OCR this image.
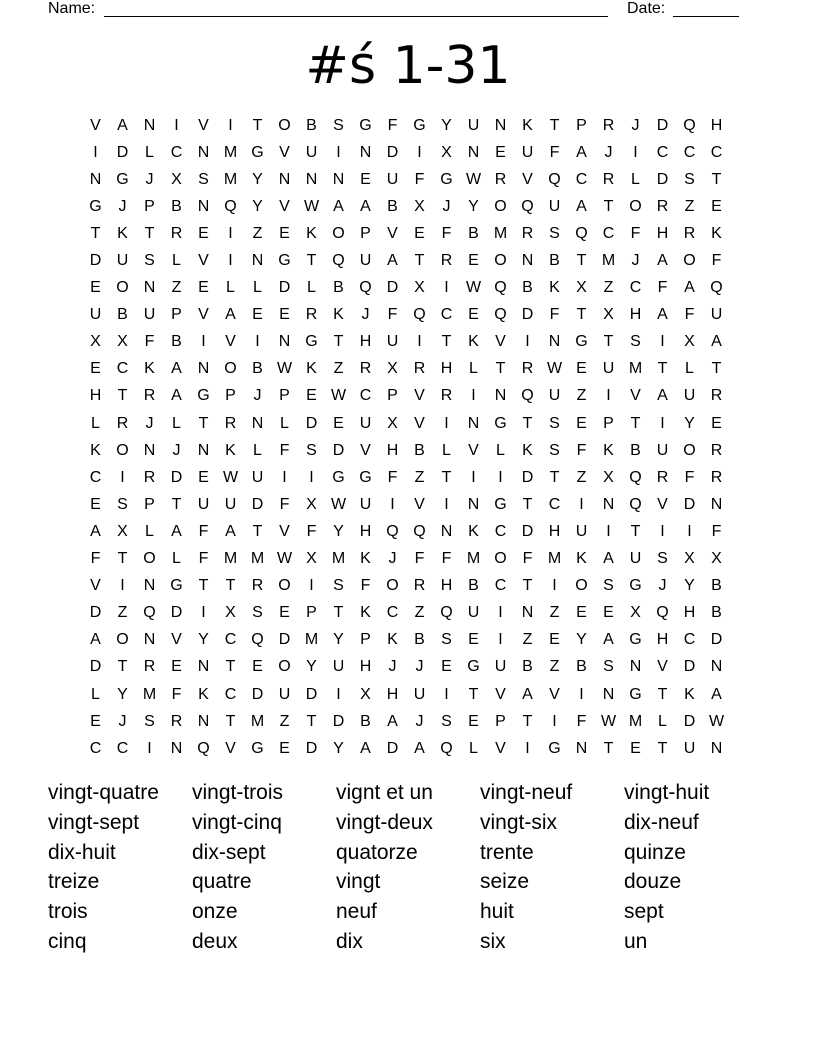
Name:	Date:
#ś 1-31
V	A	N	I	V	I	T	O	B	S	G	F	G	Y	U	N	K	T	P	R	J	D	Q	H
I	D	L	C	N	M	G	V	U	I	N	D	I	X	N	E	U	F	A	J	I	C	C	C
N	G	J	X	S	M	Y	N	N	N	E	U	F	G	W	R	V	Q	C	R	L	D	S	T
G	J	P	B	N	Q	Y	V	W	A	A	B	X	J	Y	O	Q	U	A	T	O	R	Z	E
T	K	T	R	E	I	Z	E	K	O	P	V	E	F	B	M	R	S	Q	C	F	H	R	K
D	U	S	L	V	I	N	G	T	Q	U	A	T	R	E	O	N	B	T	M	J	A	O	F
E	O	N	Z	E	L	L	D	L	B	Q	D	X	I	W	Q	B	K	X	Z	C	F	A	Q
U	B	U	P	V	A	E	E	R	K	J	F	Q	C	E	Q	D	F	T	X	H	A	F	U
X	X	F	B	I	V	I	N	G	T	H	U	I	T	K	V	I	N	G	T	S	I	X	A
E	C	K	A	N	O	B	W	K	Z	R	X	R	H	L	T	R	W	E	U	M	T	L	T
H	T	R	A	G	P	J	P	E	W	C	P	V	R	I	N	Q	U	Z	I	V	A	U	R
L	R	J	L	T	R	N	L	D	E	U	X	V	I	N	G	T	S	E	P	T	I	Y	E
K	O	N	J	N	K	L	F	S	D	V	H	B	L	V	L	K	S	F	K	B	U	O	R
C	I	R	D	E	W	U	I	I	G	G	F	Z	T	I	I	D	T	Z	X	Q	R	F	R
E	S	P	T	U	U	D	F	X	W	U	I	V	I	N	G	T	C	I	N	Q	V	D	N
A	X	L	A	F	A	T	V	F	Y	H	Q	Q	N	K	C	D	H	U	I	T	I	I	F
F	T	O	L	F	M	M	W	X	M	K	J	F	F	M	O	F	M	K	A	U	S	X	X
V	I	N	G	T	T	R	O	I	S	F	O	R	H	B	C	T	I	O	S	G	J	Y	B
D	Z	Q	D	I	X	S	E	P	T	K	C	Z	Q	U	I	N	Z	E	E	X	Q	H	B
A	O	N	V	Y	C	Q	D	M	Y	P	K	B	S	E	I	Z	E	Y	A	G	H	C	D
D	T	R	E	N	T	E	O	Y	U	H	J	J	E	G	U	B	Z	B	S	N	V	D	N
L	Y	M	F	K	C	D	U	D	I	X	H	U	I	T	V	A	V	I	N	G	T	K	A
E	J	S	R	N	T	M	Z	T	D	B	A	J	S	E	P	T	I	F	W	M	L	D	W
C	C	I	N	Q	V	G	E	D	Y	A	D	A	Q	L	V	I	G	N	T	E	T	U	N
vingt-quatre	vingt-trois	vignt et un	vingt-neuf	vingt-huit
vingt-sept	vingt-cinq	vingt-deux	vingt-six	dix-neuf
dix-huit	dix-sept	quatorze	trente	quinze
treize	quatre	vingt	seize	douze
trois	onze	neuf	huit	sept
cinq	deux	dix	six	un
